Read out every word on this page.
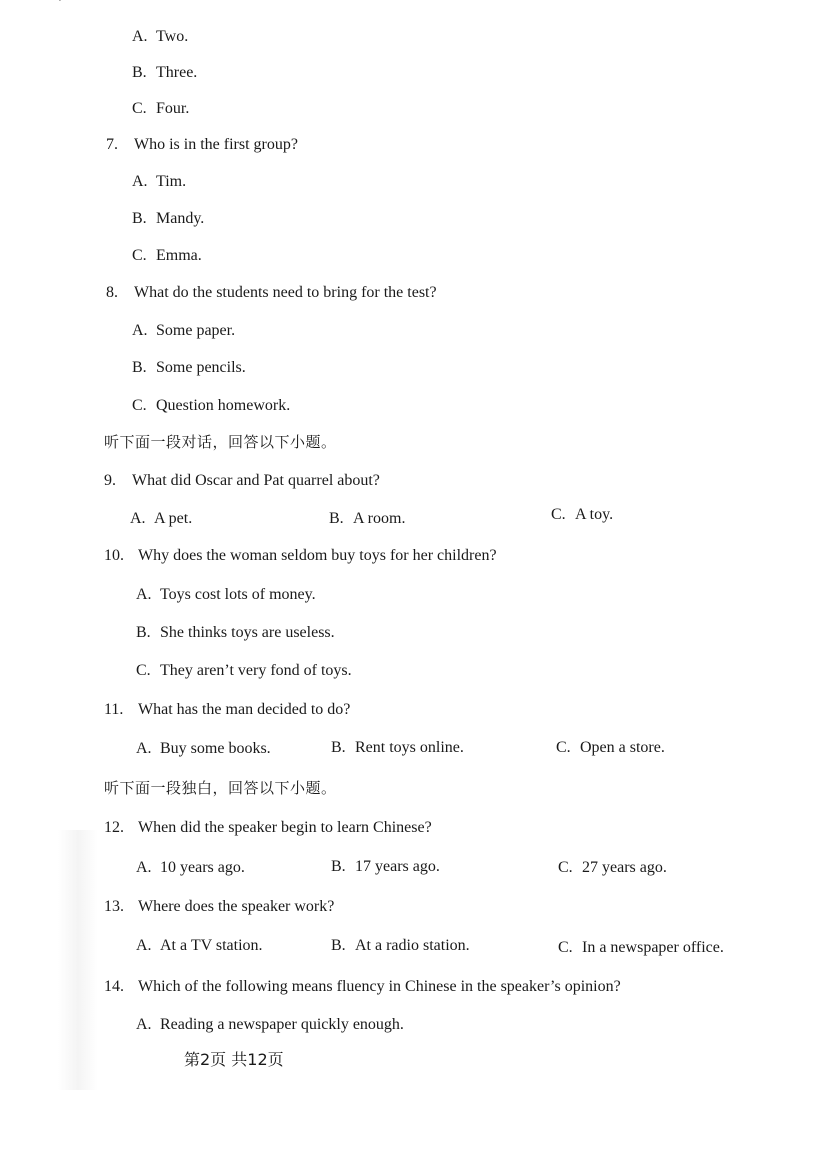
ˋ
A. Two.
B. Three.
C. Four.
7. Who is in the first group?
A. Tim.
B. Mandy.
C. Emma.
8. What do the students need to bring for the test?
A. Some paper.
B. Some pencils.
C. Question homework.
听下面一段对话，回答以下小题。
9. What did Oscar and Pat quarrel about?
A. A pet.	B. A room.	C. A toy.
10. Why does the woman seldom buy toys for her children?
A. Toys cost lots of money.
B. She thinks toys are useless.
C. They aren’t very fond of toys.
11. What has the man decided to do?
A. Buy some books.	B. Rent toys online.	C. Open a store.
听下面一段独白，回答以下小题。
12. When did the speaker begin to learn Chinese?
A. 10 years ago.	B. 17 years ago.	C. 27 years ago.
13. Where does the speaker work?
A. At a TV station.	B. At a radio station.	C. In a newspaper office.
14. Which of the following means fluency in Chinese in the speaker’s opinion?
A. Reading a newspaper quickly enough.
第2页 共12页
